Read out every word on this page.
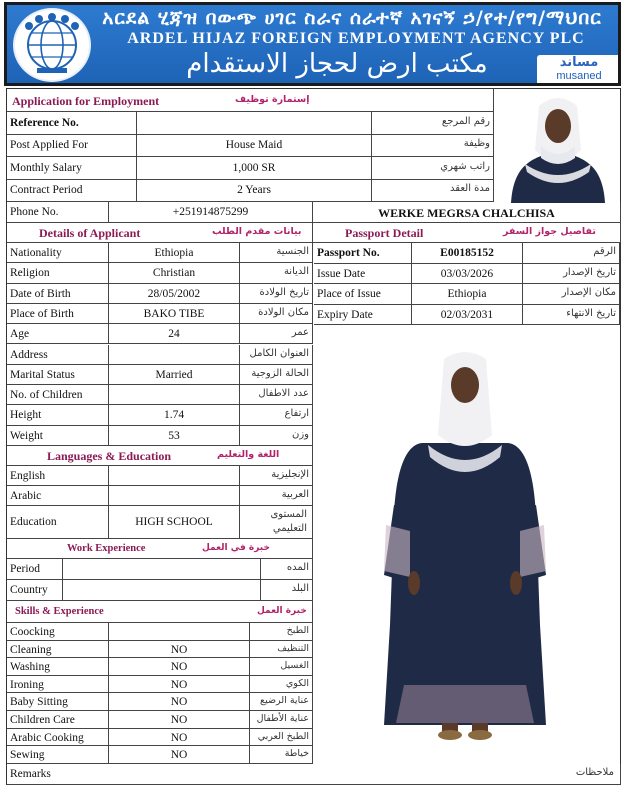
አርደል ሂጃዝ በውጭ ሀገር ስራና ሰራተኛ አገናኝ ኃ/የተ/የግ/ማህበር
ARDEL HIJAZ FOREIGN EMPLOYMENT AGENCY PLC
مكتب ارض لحجاز الاستقدام	مساند
musaned
Application for Employment	إستمارة توظيف
Reference No.	رقم المرجع
Post Applied For	House Maid	وظيفة
Monthly Salary	1,000 SR	راتب شهري
Contract Period	2 Years	مدة العقد
Phone No.	+251914875299	WERKE MEGRSA CHALCHISA
Details of Applicant	بيانات مقدم الطلب	Passport Detail	تفاصيل جواز السفر
Languages & Education	اللغة والتعليم
English	الإنجليزية
Arabic	العربية
Education	HIGH SCHOOL
المستوى
التعليمي
Work Experience	خبرة في العمل
Period	المده
Country	البلد
Skills & Experience	خبرة العمل
Remarks	ملاحظات
Nationality	Ethiopia	الجنسية
Religion	Christian	الديانة
Date of Birth	28/05/2002	تاريخ الولادة
Place of Birth	BAKO TIBE	مكان الولادة
Age	24	عمر
Address	العنوان الكامل
Marital Status	Married	الحالة الزوجية
No. of Children	عدد الاطفال
Height	1.74	ارتفاع
Weight	53	وزن
Passport No.	E00185152	الرقم
Issue Date	03/03/2026	تاريخ الإصدار
Place of Issue	Ethiopia	مكان الإصدار
Expiry Date	02/03/2031	تاريخ الانتهاء
Coocking	الطبخ
Cleaning	NO	التنظيف
Washing	NO	الغسيل
Ironing	NO	الكوي
Baby Sitting	NO	عناية الرضيع
Children Care	NO	عناية الأطفال
Arabic Cooking	NO	الطبخ العربي
Sewing	NO	خياطة
